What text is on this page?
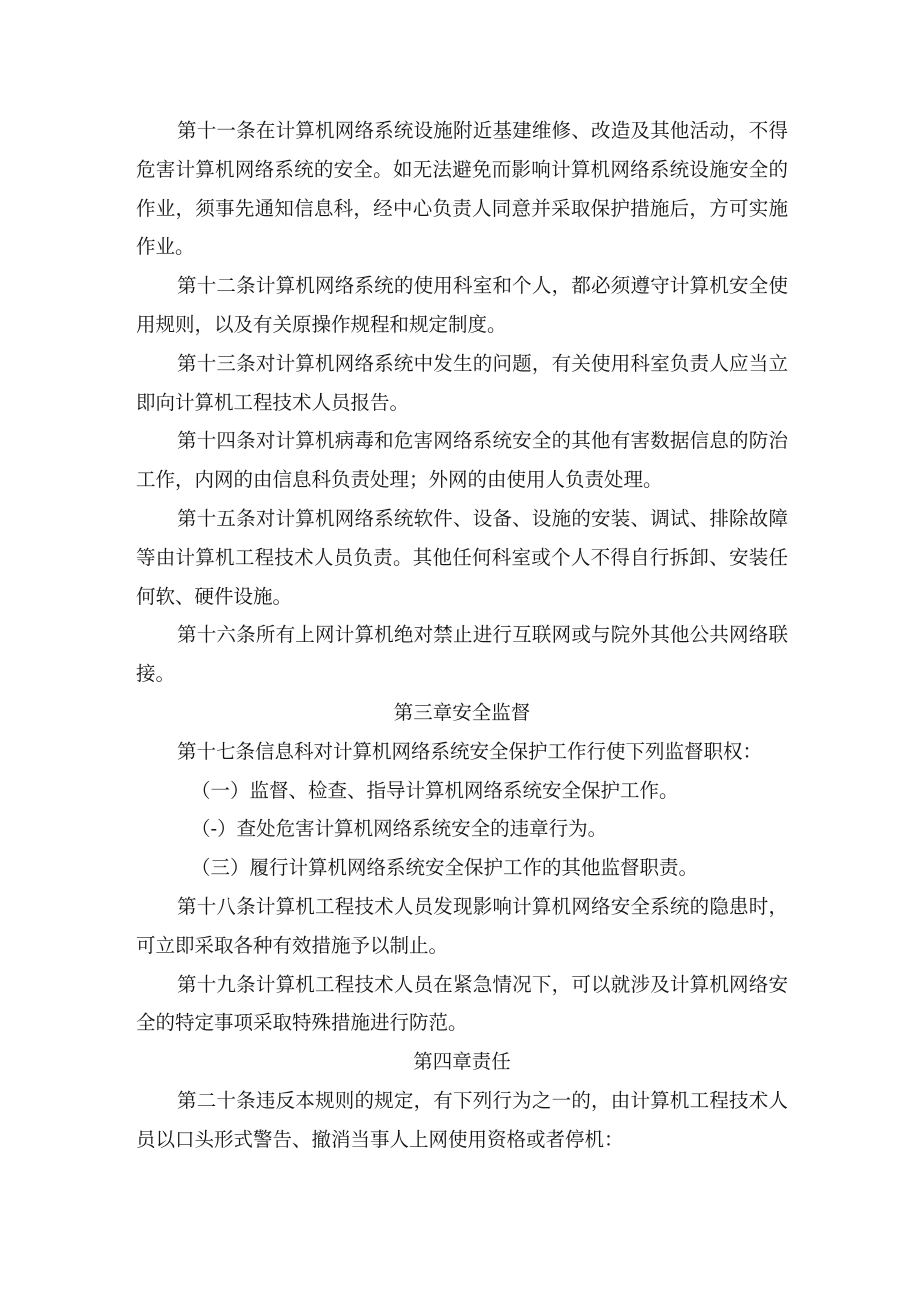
第十一条在计算机网络系统设施附近基建维修、改造及其他活动，不得危害计算机网络系统的安全。如无法避免而影响计算机网络系统设施安全的作业，须事先通知信息科，经中心负责人同意并采取保护措施后，方可实施作业。

第十二条计算机网络系统的使用科室和个人，都必须遵守计算机安全使用规则，以及有关原操作规程和规定制度。

第十三条对计算机网络系统中发生的问题，有关使用科室负责人应当立即向计算机工程技术人员报告。

第十四条对计算机病毒和危害网络系统安全的其他有害数据信息的防治工作，内网的由信息科负责处理；外网的由使用人负责处理。

第十五条对计算机网络系统软件、设备、设施的安装、调试、排除故障等由计算机工程技术人员负责。其他任何科室或个人不得自行拆卸、安装任何软、硬件设施。

第十六条所有上网计算机绝对禁止进行互联网或与院外其他公共网络联接。

第三章安全监督

第十七条信息科对计算机网络系统安全保护工作行使下列监督职权：

（一）监督、检查、指导计算机网络系统安全保护工作。

（-）查处危害计算机网络系统安全的违章行为。

（三）履行计算机网络系统安全保护工作的其他监督职责。

第十八条计算机工程技术人员发现影响计算机网络安全系统的隐患时，可立即采取各种有效措施予以制止。

第十九条计算机工程技术人员在紧急情况下，可以就涉及计算机网络安全的特定事项采取特殊措施进行防范。

第四章责任

第二十条违反本规则的规定，有下列行为之一的，由计算机工程技术人员以口头形式警告、撤消当事人上网使用资格或者停机：
